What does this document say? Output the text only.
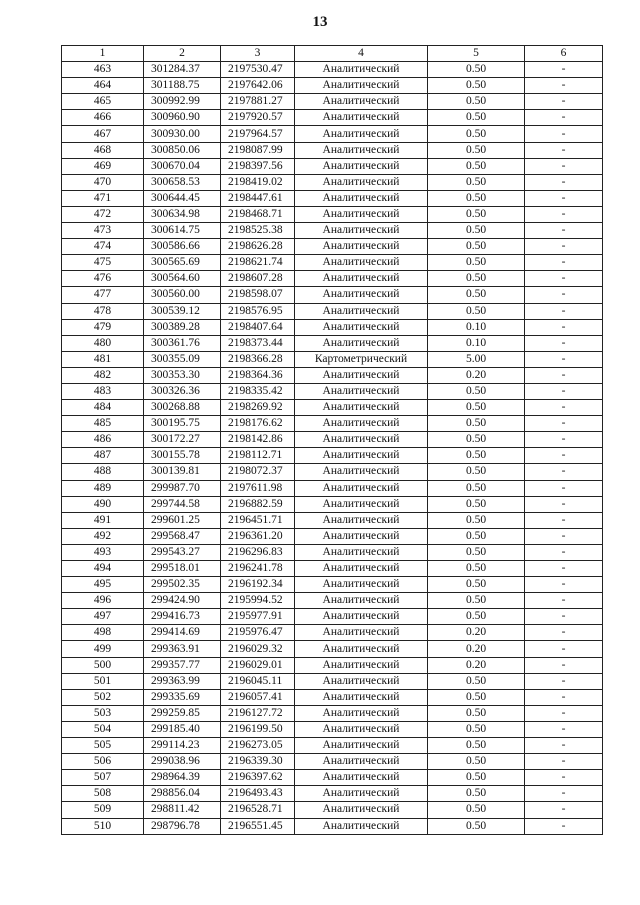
13
1	2	3	4	5	6
463	301284.37	2197530.47	Аналитический	0.50	-
464	301188.75	2197642.06	Аналитический	0.50	-
465	300992.99	2197881.27	Аналитический	0.50	-
466	300960.90	2197920.57	Аналитический	0.50	-
467	300930.00	2197964.57	Аналитический	0.50	-
468	300850.06	2198087.99	Аналитический	0.50	-
469	300670.04	2198397.56	Аналитический	0.50	-
470	300658.53	2198419.02	Аналитический	0.50	-
471	300644.45	2198447.61	Аналитический	0.50	-
472	300634.98	2198468.71	Аналитический	0.50	-
473	300614.75	2198525.38	Аналитический	0.50	-
474	300586.66	2198626.28	Аналитический	0.50	-
475	300565.69	2198621.74	Аналитический	0.50	-
476	300564.60	2198607.28	Аналитический	0.50	-
477	300560.00	2198598.07	Аналитический	0.50	-
478	300539.12	2198576.95	Аналитический	0.50	-
479	300389.28	2198407.64	Аналитический	0.10	-
480	300361.76	2198373.44	Аналитический	0.10	-
481	300355.09	2198366.28	Картометрический	5.00	-
482	300353.30	2198364.36	Аналитический	0.20	-
483	300326.36	2198335.42	Аналитический	0.50	-
484	300268.88	2198269.92	Аналитический	0.50	-
485	300195.75	2198176.62	Аналитический	0.50	-
486	300172.27	2198142.86	Аналитический	0.50	-
487	300155.78	2198112.71	Аналитический	0.50	-
488	300139.81	2198072.37	Аналитический	0.50	-
489	299987.70	2197611.98	Аналитический	0.50	-
490	299744.58	2196882.59	Аналитический	0.50	-
491	299601.25	2196451.71	Аналитический	0.50	-
492	299568.47	2196361.20	Аналитический	0.50	-
493	299543.27	2196296.83	Аналитический	0.50	-
494	299518.01	2196241.78	Аналитический	0.50	-
495	299502.35	2196192.34	Аналитический	0.50	-
496	299424.90	2195994.52	Аналитический	0.50	-
497	299416.73	2195977.91	Аналитический	0.50	-
498	299414.69	2195976.47	Аналитический	0.20	-
499	299363.91	2196029.32	Аналитический	0.20	-
500	299357.77	2196029.01	Аналитический	0.20	-
501	299363.99	2196045.11	Аналитический	0.50	-
502	299335.69	2196057.41	Аналитический	0.50	-
503	299259.85	2196127.72	Аналитический	0.50	-
504	299185.40	2196199.50	Аналитический	0.50	-
505	299114.23	2196273.05	Аналитический	0.50	-
506	299038.96	2196339.30	Аналитический	0.50	-
507	298964.39	2196397.62	Аналитический	0.50	-
508	298856.04	2196493.43	Аналитический	0.50	-
509	298811.42	2196528.71	Аналитический	0.50	-
510	298796.78	2196551.45	Аналитический	0.50	-
